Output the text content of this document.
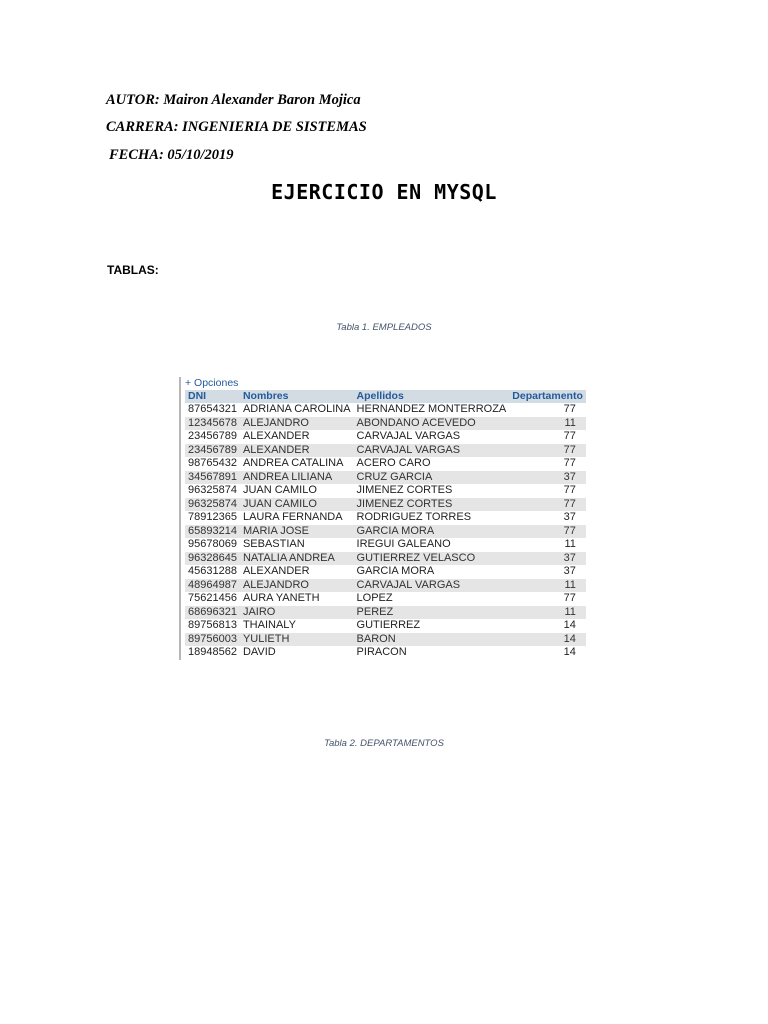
AUTOR: Mairon Alexander Baron Mojica
CARRERA: INGENIERIA DE SISTEMAS
FECHA: 05/10/2019
EJERCICIO EN MYSQL
TABLAS:
Tabla 1. EMPLEADOS
+ Opciones
DNI	Nombres	Apellidos	Departamento
87654321	ADRIANA CAROLINA	HERNANDEZ MONTERROZA	77
12345678	ALEJANDRO	ABONDANO ACEVEDO	11
23456789	ALEXANDER	CARVAJAL VARGAS	77
23456789	ALEXANDER	CARVAJAL VARGAS	77
98765432	ANDREA CATALINA	ACERO CARO	77
34567891	ANDREA LILIANA	CRUZ GARCIA	37
96325874	JUAN CAMILO	JIMENEZ CORTES	77
96325874	JUAN CAMILO	JIMENEZ CORTES	77
78912365	LAURA FERNANDA	RODRIGUEZ TORRES	37
65893214	MARIA JOSE	GARCIA MORA	77
95678069	SEBASTIAN	IREGUI GALEANO	11
96328645	NATALIA ANDREA	GUTIERREZ VELASCO	37
45631288	ALEXANDER	GARCIA MORA	37
48964987	ALEJANDRO	CARVAJAL VARGAS	11
75621456	AURA YANETH	LOPEZ	77
68696321	JAIRO	PEREZ	11
89756813	THAINALY	GUTIERREZ	14
89756003	YULIETH	BARON	14
18948562	DAVID	PIRACON	14
Tabla 2. DEPARTAMENTOS
